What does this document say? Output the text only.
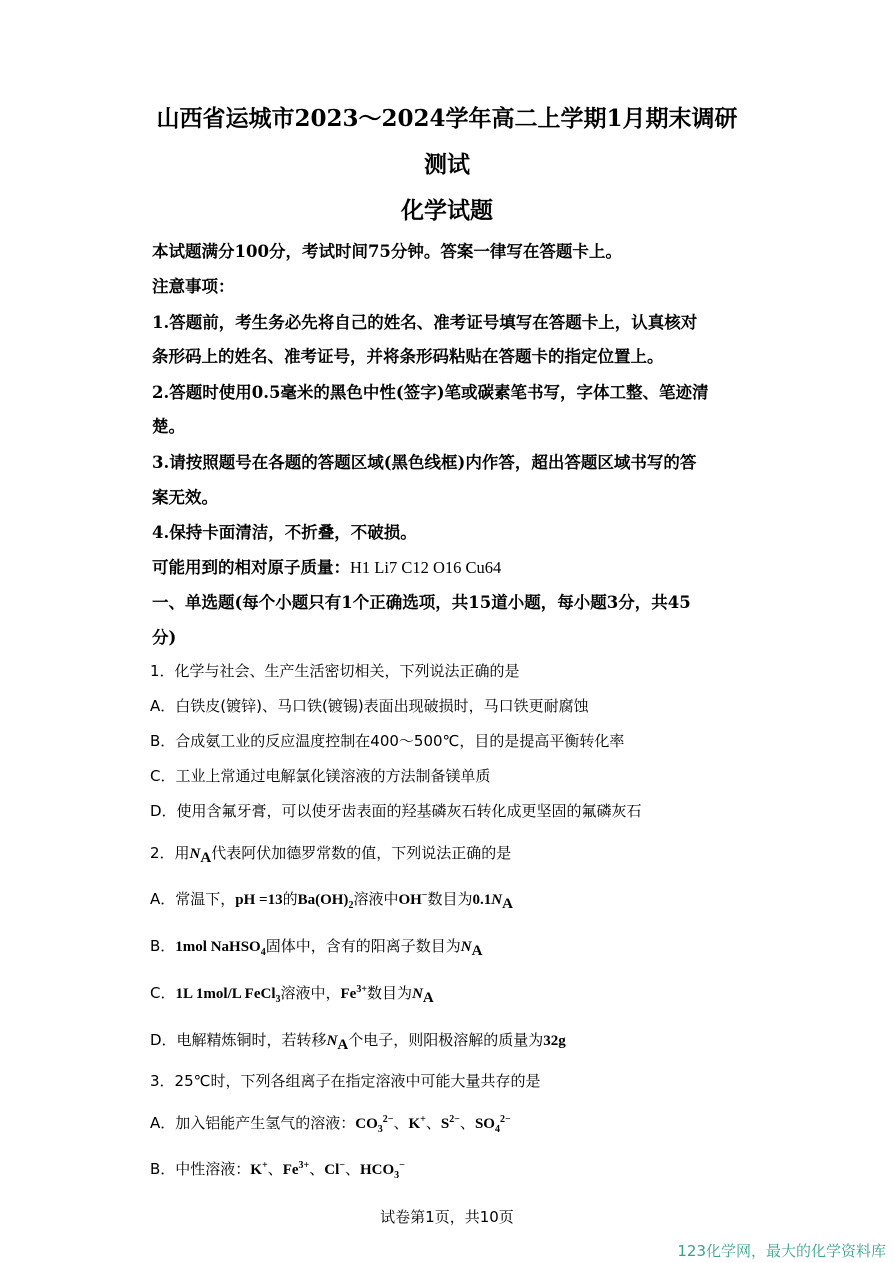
山西省运城市2023～2024学年高二上学期1月期末调研
测试
化学试题
本试题满分100分，考试时间75分钟。答案一律写在答题卡上。
注意事项：
1.答题前，考生务必先将自己的姓名、准考证号填写在答题卡上，认真核对
条形码上的姓名、准考证号，并将条形码粘贴在答题卡的指定位置上。
2.答题时使用0.5毫米的黑色中性(签字)笔或碳素笔书写，字体工整、笔迹清
楚。
3.请按照题号在各题的答题区域(黑色线框)内作答，超出答题区域书写的答
案无效。
4.保持卡面清洁，不折叠，不破损。
可能用到的相对原子质量：H1 Li7 C12 O16 Cu64
一、单选题(每个小题只有1个正确选项，共15道小题，每小题3分，共45
分)
1．化学与社会、生产生活密切相关，下列说法正确的是
A．白铁皮(镀锌)、马口铁(镀锡)表面出现破损时，马口铁更耐腐蚀
B．合成氨工业的反应温度控制在400～500℃，目的是提高平衡转化率
C．工业上常通过电解氯化镁溶液的方法制备镁单质
D．使用含氟牙膏，可以使牙齿表面的羟基磷灰石转化成更坚固的氟磷灰石
2．用$N_A$代表阿伏加德罗常数的值，下列说法正确的是
A．常温下，pH =13的$Ba(OH)_2$溶液中OH−数目为$0.1N_A$
B．1mol NaHSO$_4$固体中，含有的阳离子数目为$N_A$
C．1L 1mol/L FeCl$_3$溶液中，$Fe^{3+}$数目为$N_A$
D．电解精炼铜时，若转移$N_A$个电子，则阳极溶解的质量为32g
3．25℃时，下列各组离子在指定溶液中可能大量共存的是
A．加入铝能产生氢气的溶液：$CO_3^{2-}$、K+、$S^{2-}$、$SO_4^{2-}$
B．中性溶液：K+、$Fe^{3+}$、Cl−、$HCO_3^-$
试卷第1页，共10页
123化学网，最大的化学资料库
